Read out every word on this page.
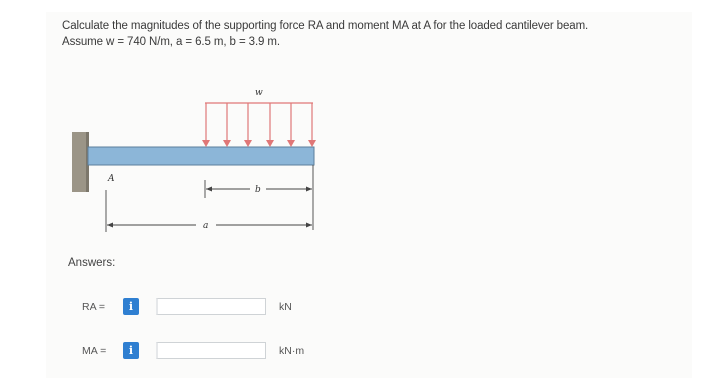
Calculate the magnitudes of the supporting force RA and moment MA at A for the loaded cantilever beam.
Assume w = 740 N/m, a = 6.5 m, b = 3.9 m.
w
A
b
a
Answers:
RA =	i	kN
MA =	i	kN·m
